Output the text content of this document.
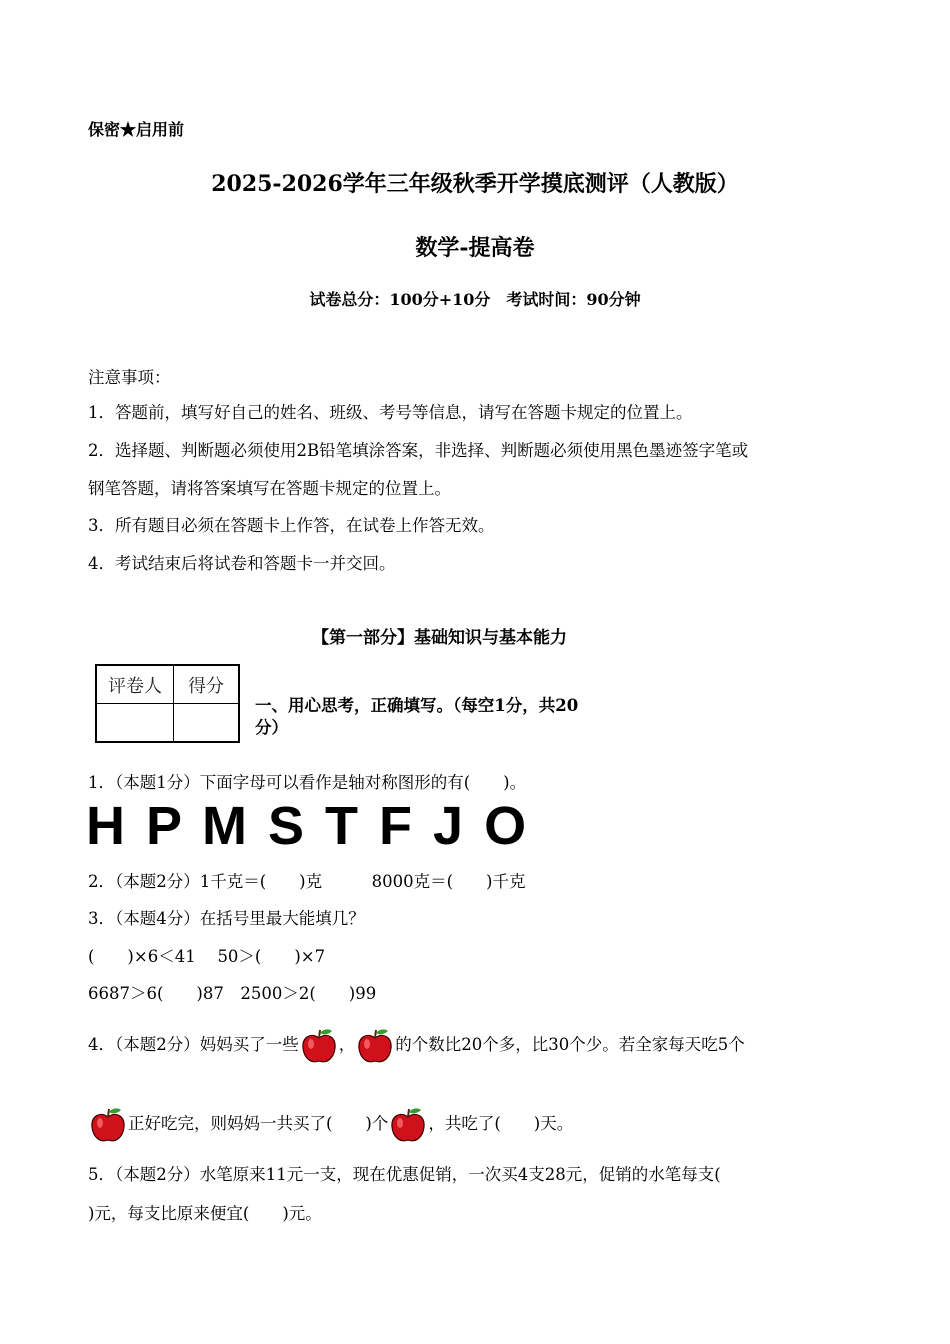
保密★启用前
2025-2026学年三年级秋季开学摸底测评（人教版）
数学-提高卷
试卷总分：100分+10分　考试时间：90分钟
注意事项：
1．答题前，填写好自己的姓名、班级、考号等信息，请写在答题卡规定的位置上。
2．选择题、判断题必须使用2B铅笔填涂答案，非选择、判断题必须使用黑色墨迹签字笔或
钢笔答题，请将答案填写在答题卡规定的位置上。
3．所有题目必须在答题卡上作答，在试卷上作答无效。
4．考试结束后将试卷和答题卡一并交回。
【第一部分】基础知识与基本能力
评卷人	得分

一、用心思考，正确填写。（每空1分，共20
分）
1．（本题1分）下面字母可以看作是轴对称图形的有(　　)。
H P M S T F J O
2．（本题2分）1千克＝(　　)克　　　8000克＝(　　)千克
3．（本题4分）在括号里最大能填几？
(　　)×6＜41　 50＞(　　)×7
6687＞6(　　)87　2500＞2(　　)99
4．（本题2分）妈妈买了一些 ， 的个数比20个多，比30个少。若全家每天吃5个
正好吃完，则妈妈一共买了(　　)个 ，共吃了(　　)天。
5．（本题2分）水笔原来11元一支，现在优惠促销，一次买4支28元，促销的水笔每支(
)元，每支比原来便宜(　　)元。
